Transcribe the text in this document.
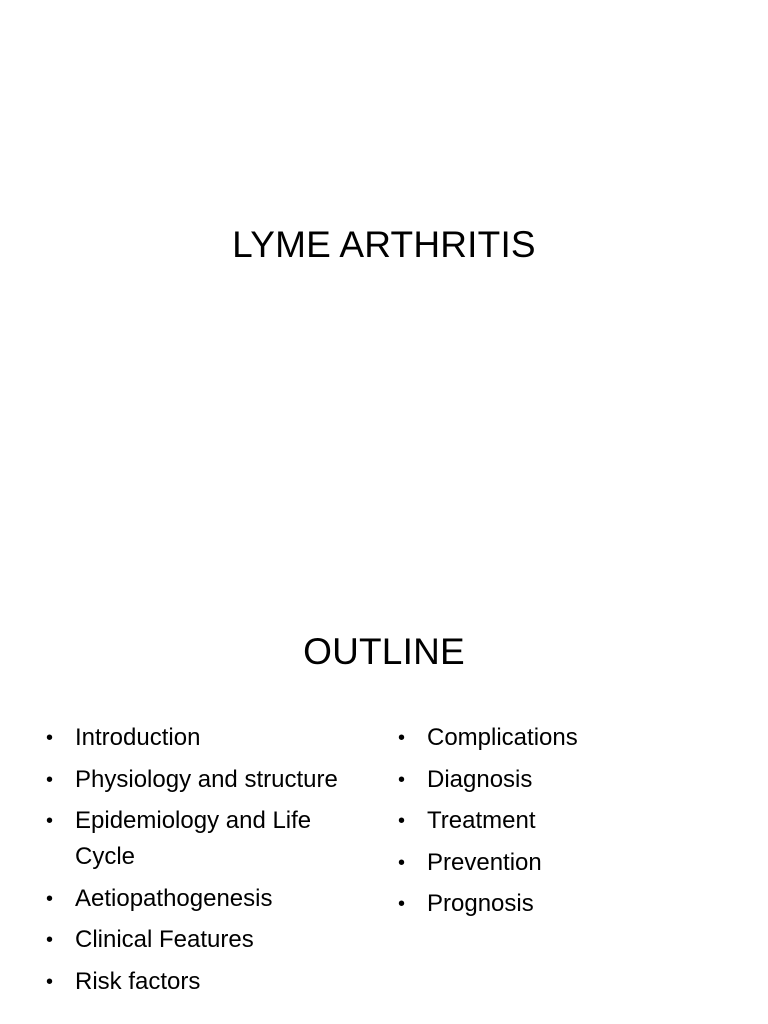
LYME ARTHRITIS
OUTLINE
• Introduction
• Physiology and structure
• Epidemiology and Life Cycle
• Aetiopathogenesis
• Clinical Features
• Risk factors
• Complications
• Diagnosis
• Treatment
• Prevention
• Prognosis
